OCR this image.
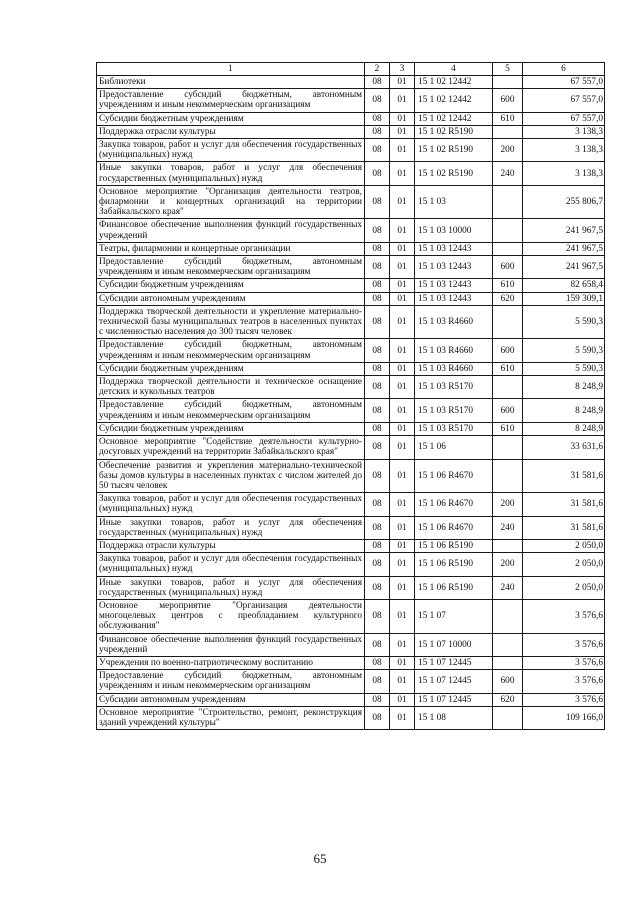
1	2	3	4	5	6
Библиотеки	08	01	15 1 02 12442		67 557,0
Предоставление субсидий бюджетным, автономным учреждениям и иным некоммерческим организациям	08	01	15 1 02 12442	600	67 557,0
Субсидии бюджетным учреждениям	08	01	15 1 02 12442	610	67 557,0
Поддержка отрасли культуры	08	01	15 1 02 R5190		3 138,3
Закупка товаров, работ и услуг для обеспечения государственных (муниципальных) нужд	08	01	15 1 02 R5190	200	3 138,3
Иные закупки товаров, работ и услуг для обеспечения государственных (муниципальных) нужд	08	01	15 1 02 R5190	240	3 138,3
Основное мероприятие "Организация деятельности театров, филармонии и концертных организаций на территории Забайкальского края"	08	01	15 1 03		255 806,7
Финансовое обеспечение выполнения функций государственных учреждений	08	01	15 1 03 10000		241 967,5
Театры, филармонии и концертные организации	08	01	15 1 03 12443		241 967,5
Предоставление субсидий бюджетным, автономным учреждениям и иным некоммерческим организациям	08	01	15 1 03 12443	600	241 967,5
Субсидии бюджетным учреждениям	08	01	15 1 03 12443	610	82 658,4
Субсидии автономным учреждениям	08	01	15 1 03 12443	620	159 309,1
Поддержка творческой деятельности и укрепление материально-технической базы муниципальных театров в населенных пунктах с численностью населения до 300 тысяч человек	08	01	15 1 03 R4660		5 590,3
Предоставление субсидий бюджетным, автономным учреждениям и иным некоммерческим организациям	08	01	15 1 03 R4660	600	5 590,3
Субсидии бюджетным учреждениям	08	01	15 1 03 R4660	610	5 590,3
Поддержка творческой деятельности и техническое оснащение детских и кукольных театров	08	01	15 1 03 R5170		8 248,9
Предоставление субсидий бюджетным, автономным учреждениям и иным некоммерческим организациям	08	01	15 1 03 R5170	600	8 248,9
Субсидии бюджетным учреждениям	08	01	15 1 03 R5170	610	8 248,9
Основное мероприятие "Содействие деятельности культурно-досуговых учреждений на территории Забайкальского края"	08	01	15 1 06		33 631,6
Обеспечение развития и укрепления материально-технической базы домов культуры в населенных пунктах с числом жителей до 50 тысяч человек	08	01	15 1 06 R4670		31 581,6
Закупка товаров, работ и услуг для обеспечения государственных (муниципальных) нужд	08	01	15 1 06 R4670	200	31 581,6
Иные закупки товаров, работ и услуг для обеспечения государственных (муниципальных) нужд	08	01	15 1 06 R4670	240	31 581,6
Поддержка отрасли культуры	08	01	15 1 06 R5190		2 050,0
Закупка товаров, работ и услуг для обеспечения государственных (муниципальных) нужд	08	01	15 1 06 R5190	200	2 050,0
Иные закупки товаров, работ и услуг для обеспечения государственных (муниципальных) нужд	08	01	15 1 06 R5190	240	2 050,0
Основное мероприятие "Организация деятельности многоцелевых центров с преобладанием культурного обслуживания"	08	01	15 1 07		3 576,6
Финансовое обеспечение выполнения функций государственных учреждений	08	01	15 1 07 10000		3 576,6
Учреждения по военно-патриотическому воспитанию	08	01	15 1 07 12445		3 576,6
Предоставление субсидий бюджетным, автономным учреждениям и иным некоммерческим организациям	08	01	15 1 07 12445	600	3 576,6
Субсидии автономным учреждениям	08	01	15 1 07 12445	620	3 576,6
Основное мероприятие "Строительство, ремонт, реконструкция зданий учреждений культуры"	08	01	15 1 08		109 166,0
65
